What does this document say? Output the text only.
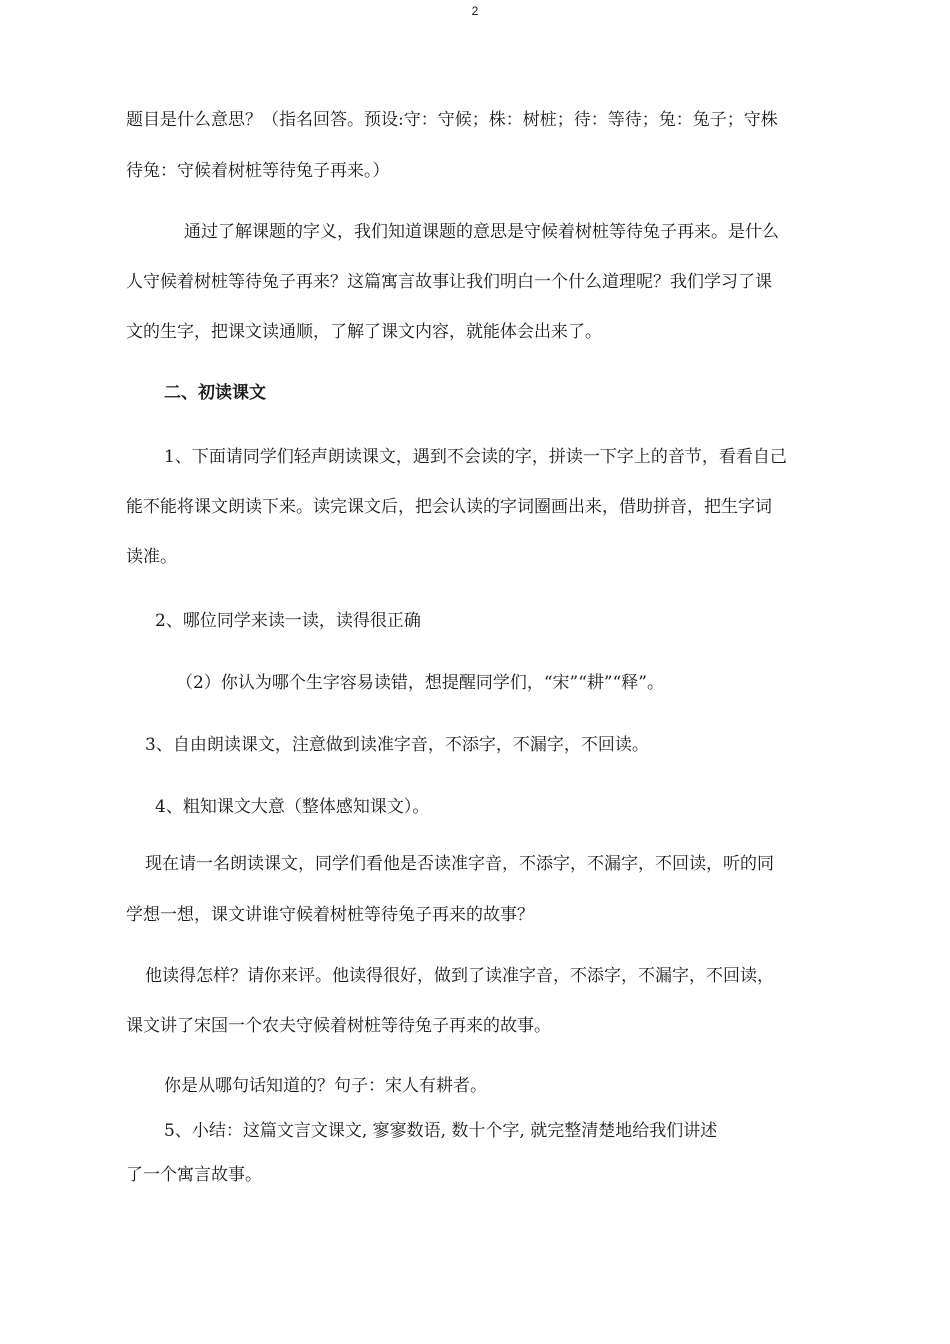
2
题目是什么意思？（指名回答。预设:守：守候；株：树桩；待：等待；兔：兔子；守株
待兔：守候着树桩等待兔子再来。）
通过了解课题的字义，我们知道课题的意思是守候着树桩等待兔子再来。是什么
人守候着树桩等待兔子再来？这篇寓言故事让我们明白一个什么道理呢？我们学习了课
文的生字，把课文读通顺，了解了课文内容，就能体会出来了。
二、初读课文
1、下面请同学们轻声朗读课文，遇到不会读的字，拼读一下字上的音节，看看自己
能不能将课文朗读下来。读完课文后，把会认读的字词圈画出来，借助拼音，把生字词
读准。
2、哪位同学来读一读，读得很正确
（2）你认为哪个生字容易读错，想提醒同学们，“宋”“耕”“释”。
3、自由朗读课文，注意做到读准字音，不添字，不漏字，不回读。
4、粗知课文大意（整体感知课文）。
现在请一名朗读课文，同学们看他是否读准字音，不添字，不漏字，不回读，听的同
学想一想，课文讲谁守候着树桩等待兔子再来的故事？
他读得怎样？请你来评。他读得很好，做到了读准字音，不添字，不漏字，不回读，
课文讲了宋国一个农夫守候着树桩等待兔子再来的故事。
你是从哪句话知道的？句子：宋人有耕者。
5、小结：这篇文言文课文, 寥寥数语, 数十个字, 就完整清楚地给我们讲述
了一个寓言故事。
